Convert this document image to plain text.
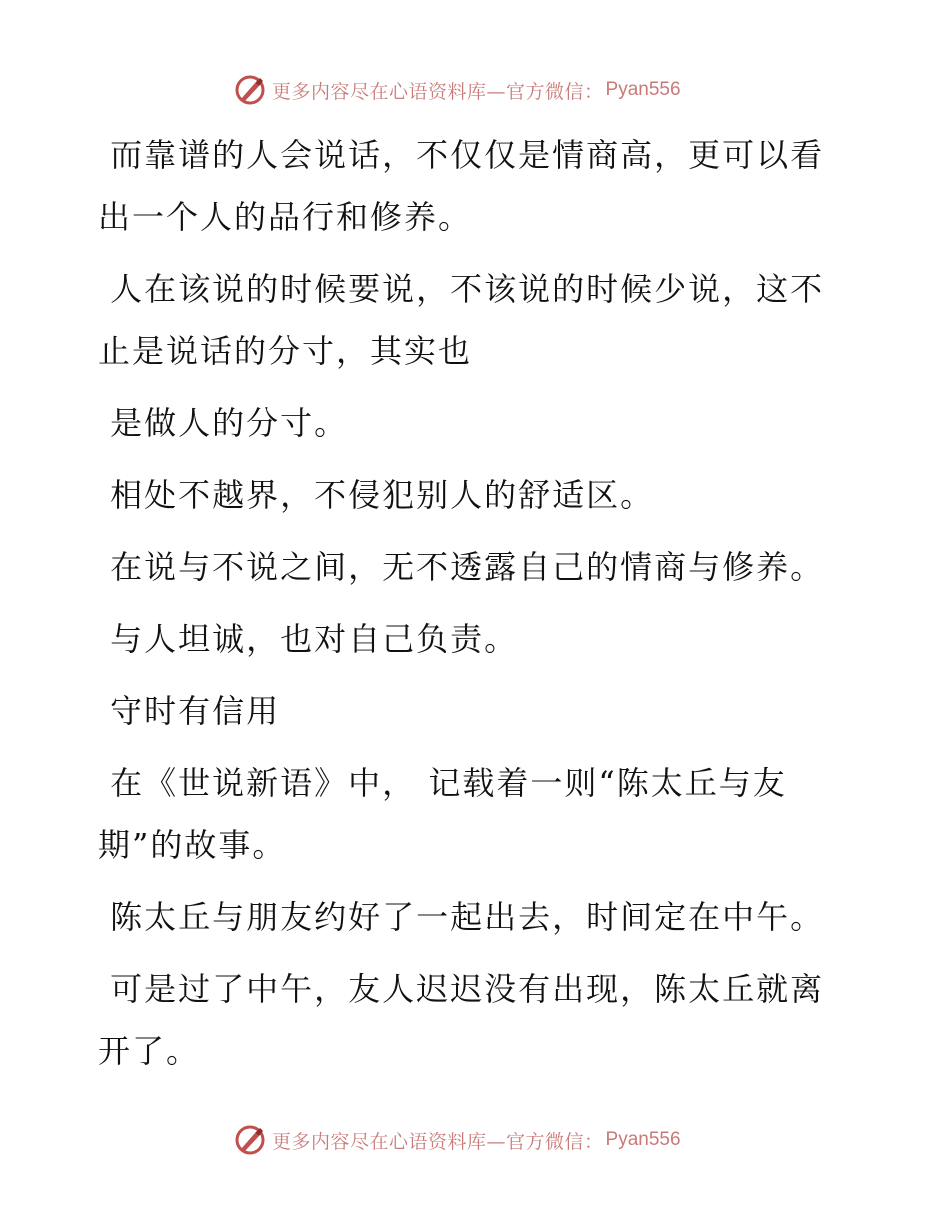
更多内容尽在心语资料库—官方微信： Pyan556
而靠谱的人会说话，不仅仅是情商高，更可以看出一个人的品行和修养。
人在该说的时候要说，不该说的时候少说，这不止是说话的分寸，其实也
是做人的分寸。
相处不越界，不侵犯别人的舒适区。
在说与不说之间，无不透露自己的情商与修养。
与人坦诚，也对自己负责。
守时有信用
在《世说新语》中， 记载着一则“陈太丘与友期”的故事。
陈太丘与朋友约好了一起出去，时间定在中午。
可是过了中午，友人迟迟没有出现，陈太丘就离开了。
更多内容尽在心语资料库—官方微信： Pyan556
